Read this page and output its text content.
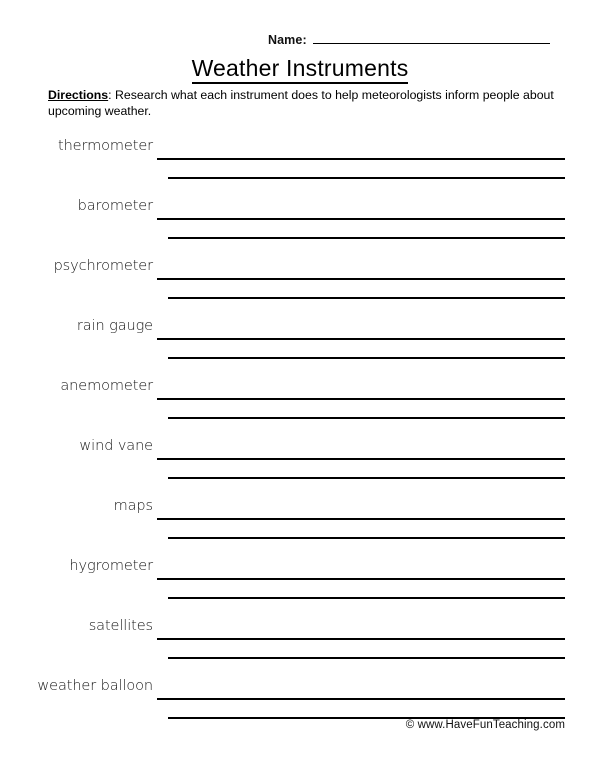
Name:
Weather Instruments
Directions: Research what each instrument does to help meteorologists inform people about upcoming weather.
thermometer
barometer
psychrometer
rain gauge
anemometer
wind vane
maps
hygrometer
satellites
weather balloon
© www.HaveFunTeaching.com
